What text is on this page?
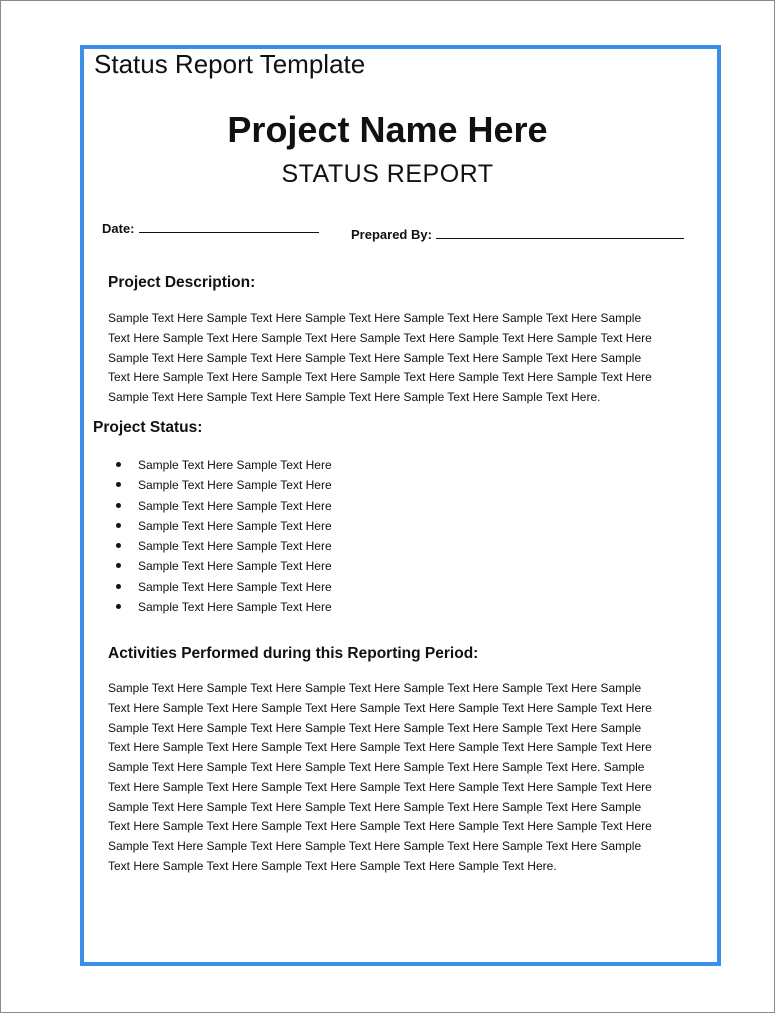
Status Report Template
Project Name Here
STATUS REPORT
Date:	Prepared By:
Project Description:
Sample Text Here Sample Text Here Sample Text Here Sample Text Here Sample Text Here Sample
Text Here Sample Text Here Sample Text Here Sample Text Here Sample Text Here Sample Text Here
Sample Text Here Sample Text Here Sample Text Here Sample Text Here Sample Text Here Sample
Text Here Sample Text Here Sample Text Here Sample Text Here Sample Text Here Sample Text Here
Sample Text Here Sample Text Here Sample Text Here Sample Text Here Sample Text Here.
Project Status:
Sample Text Here Sample Text Here
Sample Text Here Sample Text Here
Sample Text Here Sample Text Here
Sample Text Here Sample Text Here
Sample Text Here Sample Text Here
Sample Text Here Sample Text Here
Sample Text Here Sample Text Here
Sample Text Here Sample Text Here
Activities Performed during this Reporting Period:
Sample Text Here Sample Text Here Sample Text Here Sample Text Here Sample Text Here Sample
Text Here Sample Text Here Sample Text Here Sample Text Here Sample Text Here Sample Text Here
Sample Text Here Sample Text Here Sample Text Here Sample Text Here Sample Text Here Sample
Text Here Sample Text Here Sample Text Here Sample Text Here Sample Text Here Sample Text Here
Sample Text Here Sample Text Here Sample Text Here Sample Text Here Sample Text Here. Sample
Text Here Sample Text Here Sample Text Here Sample Text Here Sample Text Here Sample Text Here
Sample Text Here Sample Text Here Sample Text Here Sample Text Here Sample Text Here Sample
Text Here Sample Text Here Sample Text Here Sample Text Here Sample Text Here Sample Text Here
Sample Text Here Sample Text Here Sample Text Here Sample Text Here Sample Text Here Sample
Text Here Sample Text Here Sample Text Here Sample Text Here Sample Text Here.
